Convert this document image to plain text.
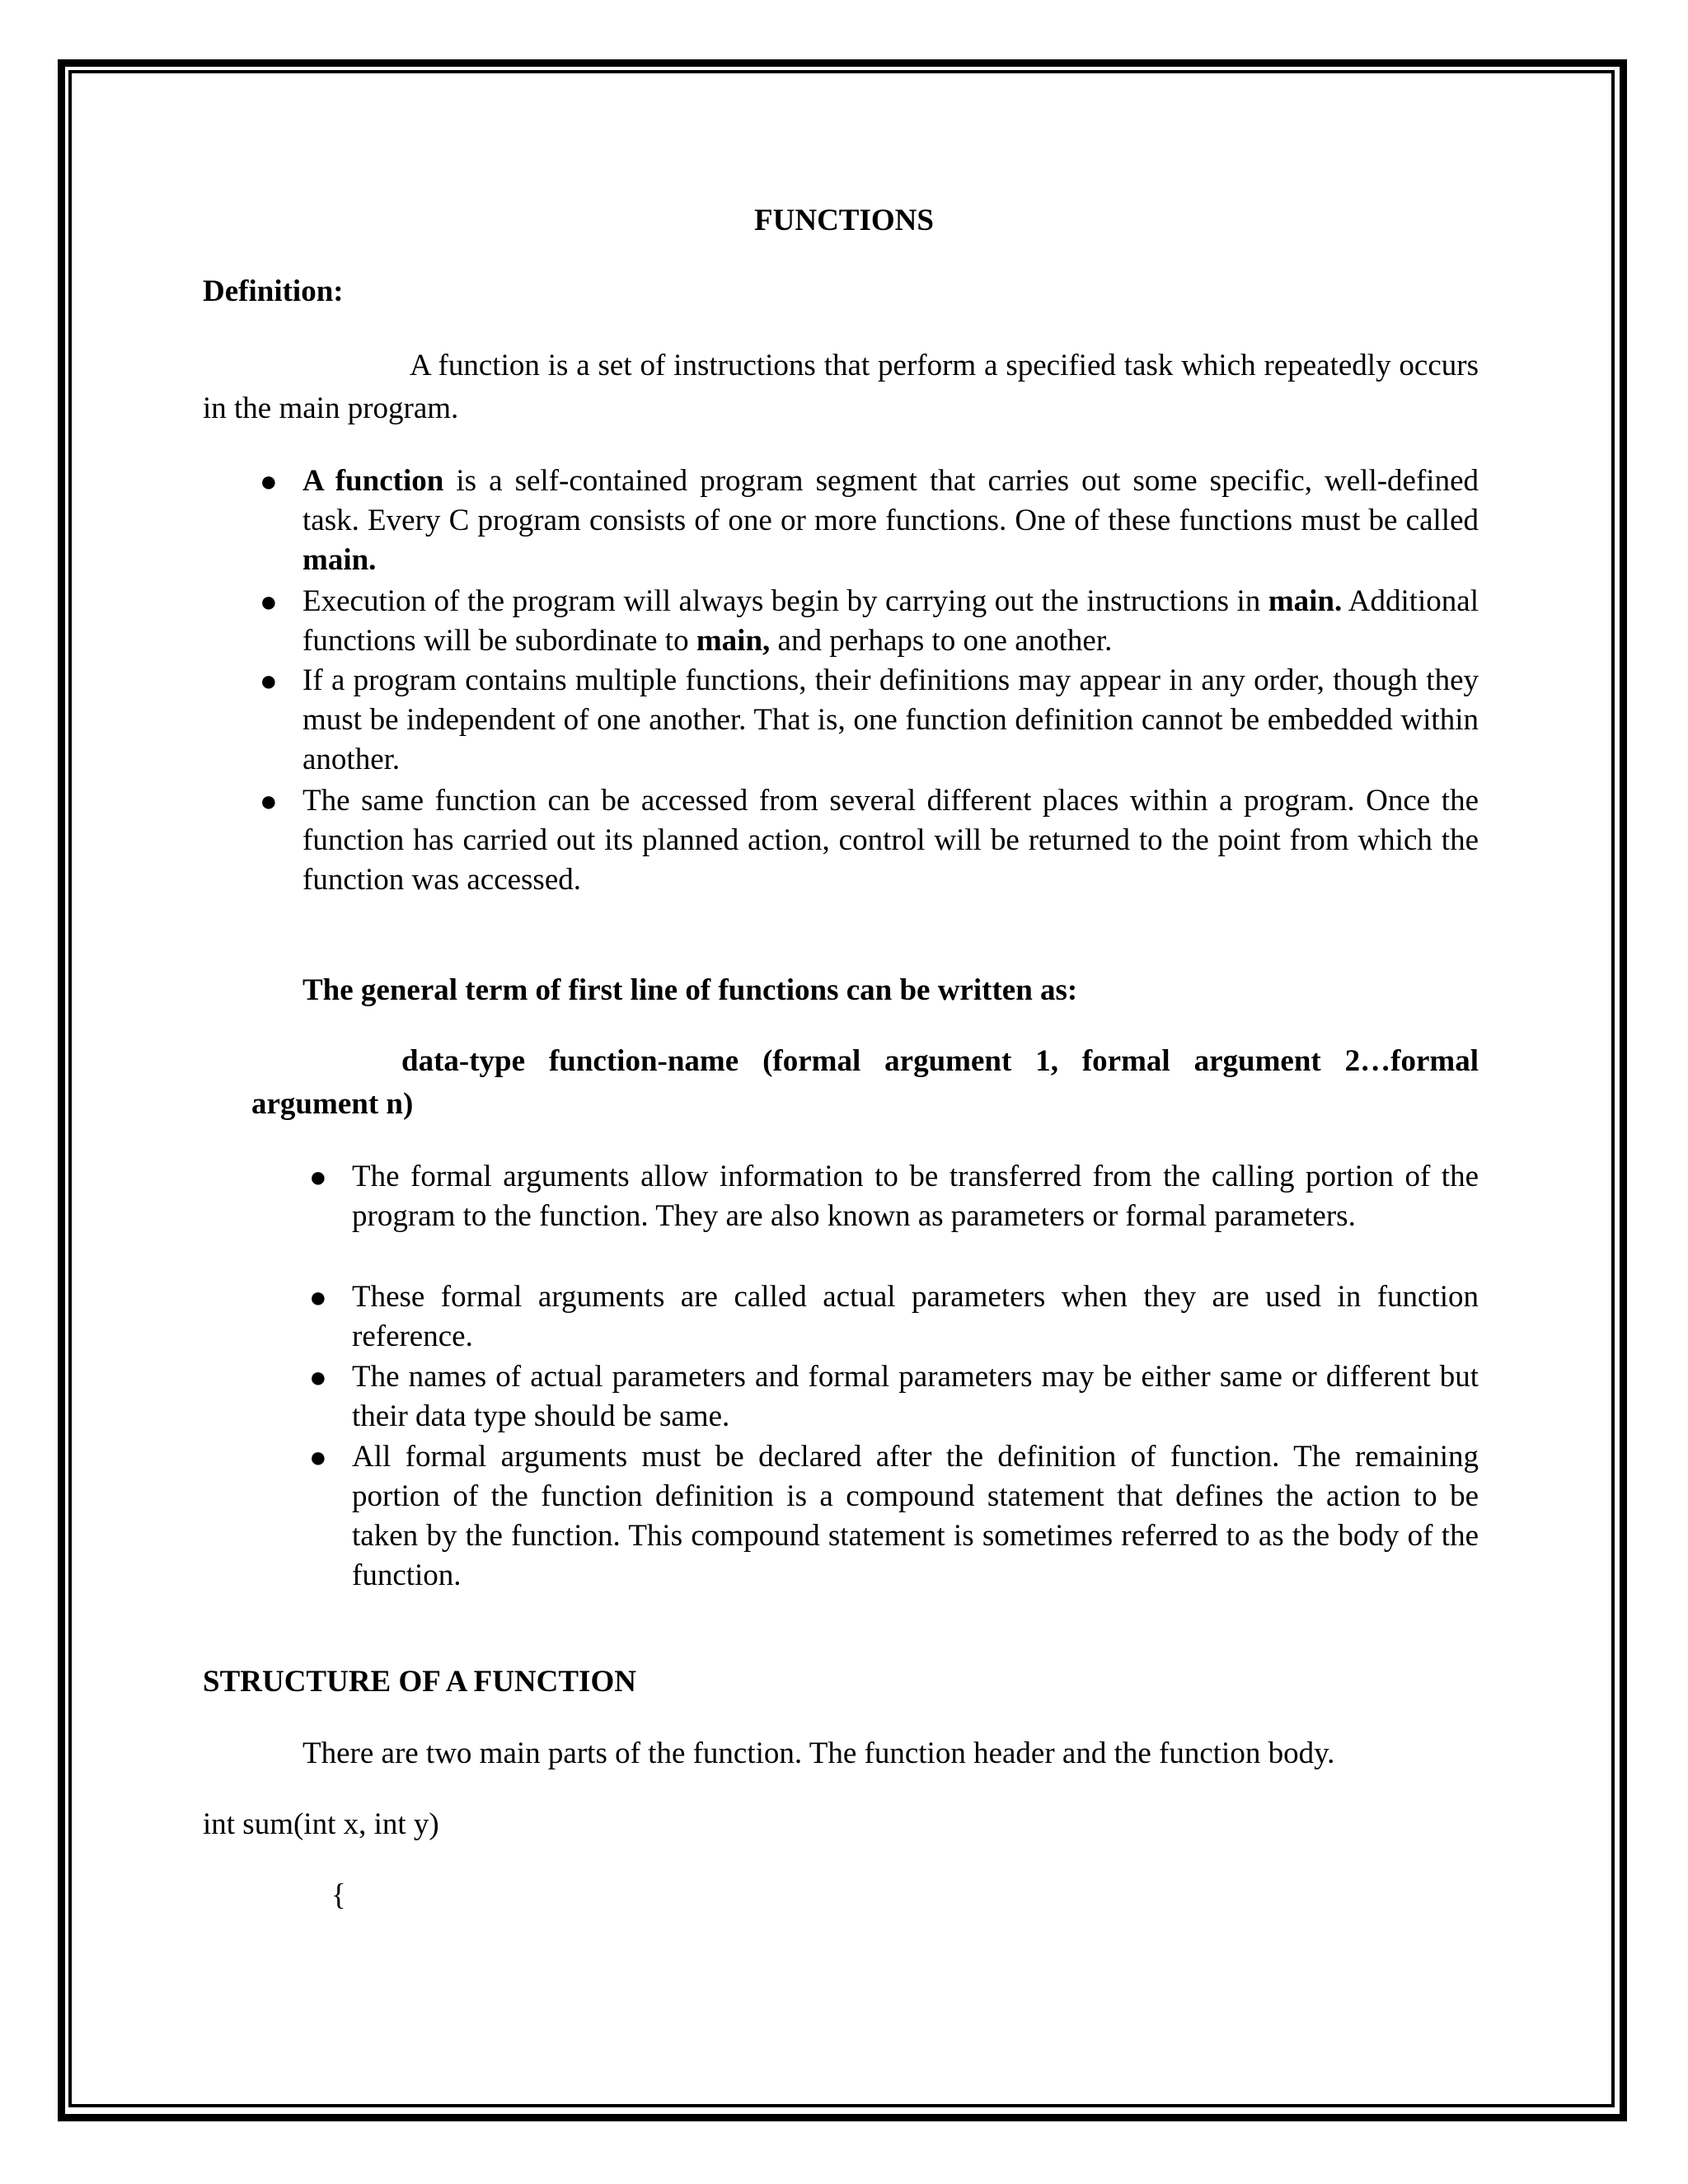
FUNCTIONS

Definition:

A function is a set of instructions that perform a specified task which repeatedly occurs in the main program.

● A function is a self-contained program segment that carries out some specific, well-defined task. Every C program consists of one or more functions. One of these functions must be called main.
● Execution of the program will always begin by carrying out the instructions in main. Additional functions will be subordinate to main, and perhaps to one another.
● If a program contains multiple functions, their definitions may appear in any order, though they must be independent of one another. That is, one function definition cannot be embedded within another.
● The same function can be accessed from several different places within a program. Once the function has carried out its planned action, control will be returned to the point from which the function was accessed.

The general term of first line of functions can be written as:

data-type function-name (formal argument 1, formal argument 2…formal

argument n)

● The formal arguments allow information to be transferred from the calling portion of the program to the function. They are also known as parameters or formal parameters.
● These formal arguments are called actual parameters when they are used in function reference.
● The names of actual parameters and formal parameters may be either same or different but their data type should be same.
● All formal arguments must be declared after the definition of function. The remaining portion of the function definition is a compound statement that defines the action to be taken by the function. This compound statement is sometimes referred to as the body of the function.

STRUCTURE OF A FUNCTION

There are two main parts of the function. The function header and the function body.

int sum(int x, int y)

{
